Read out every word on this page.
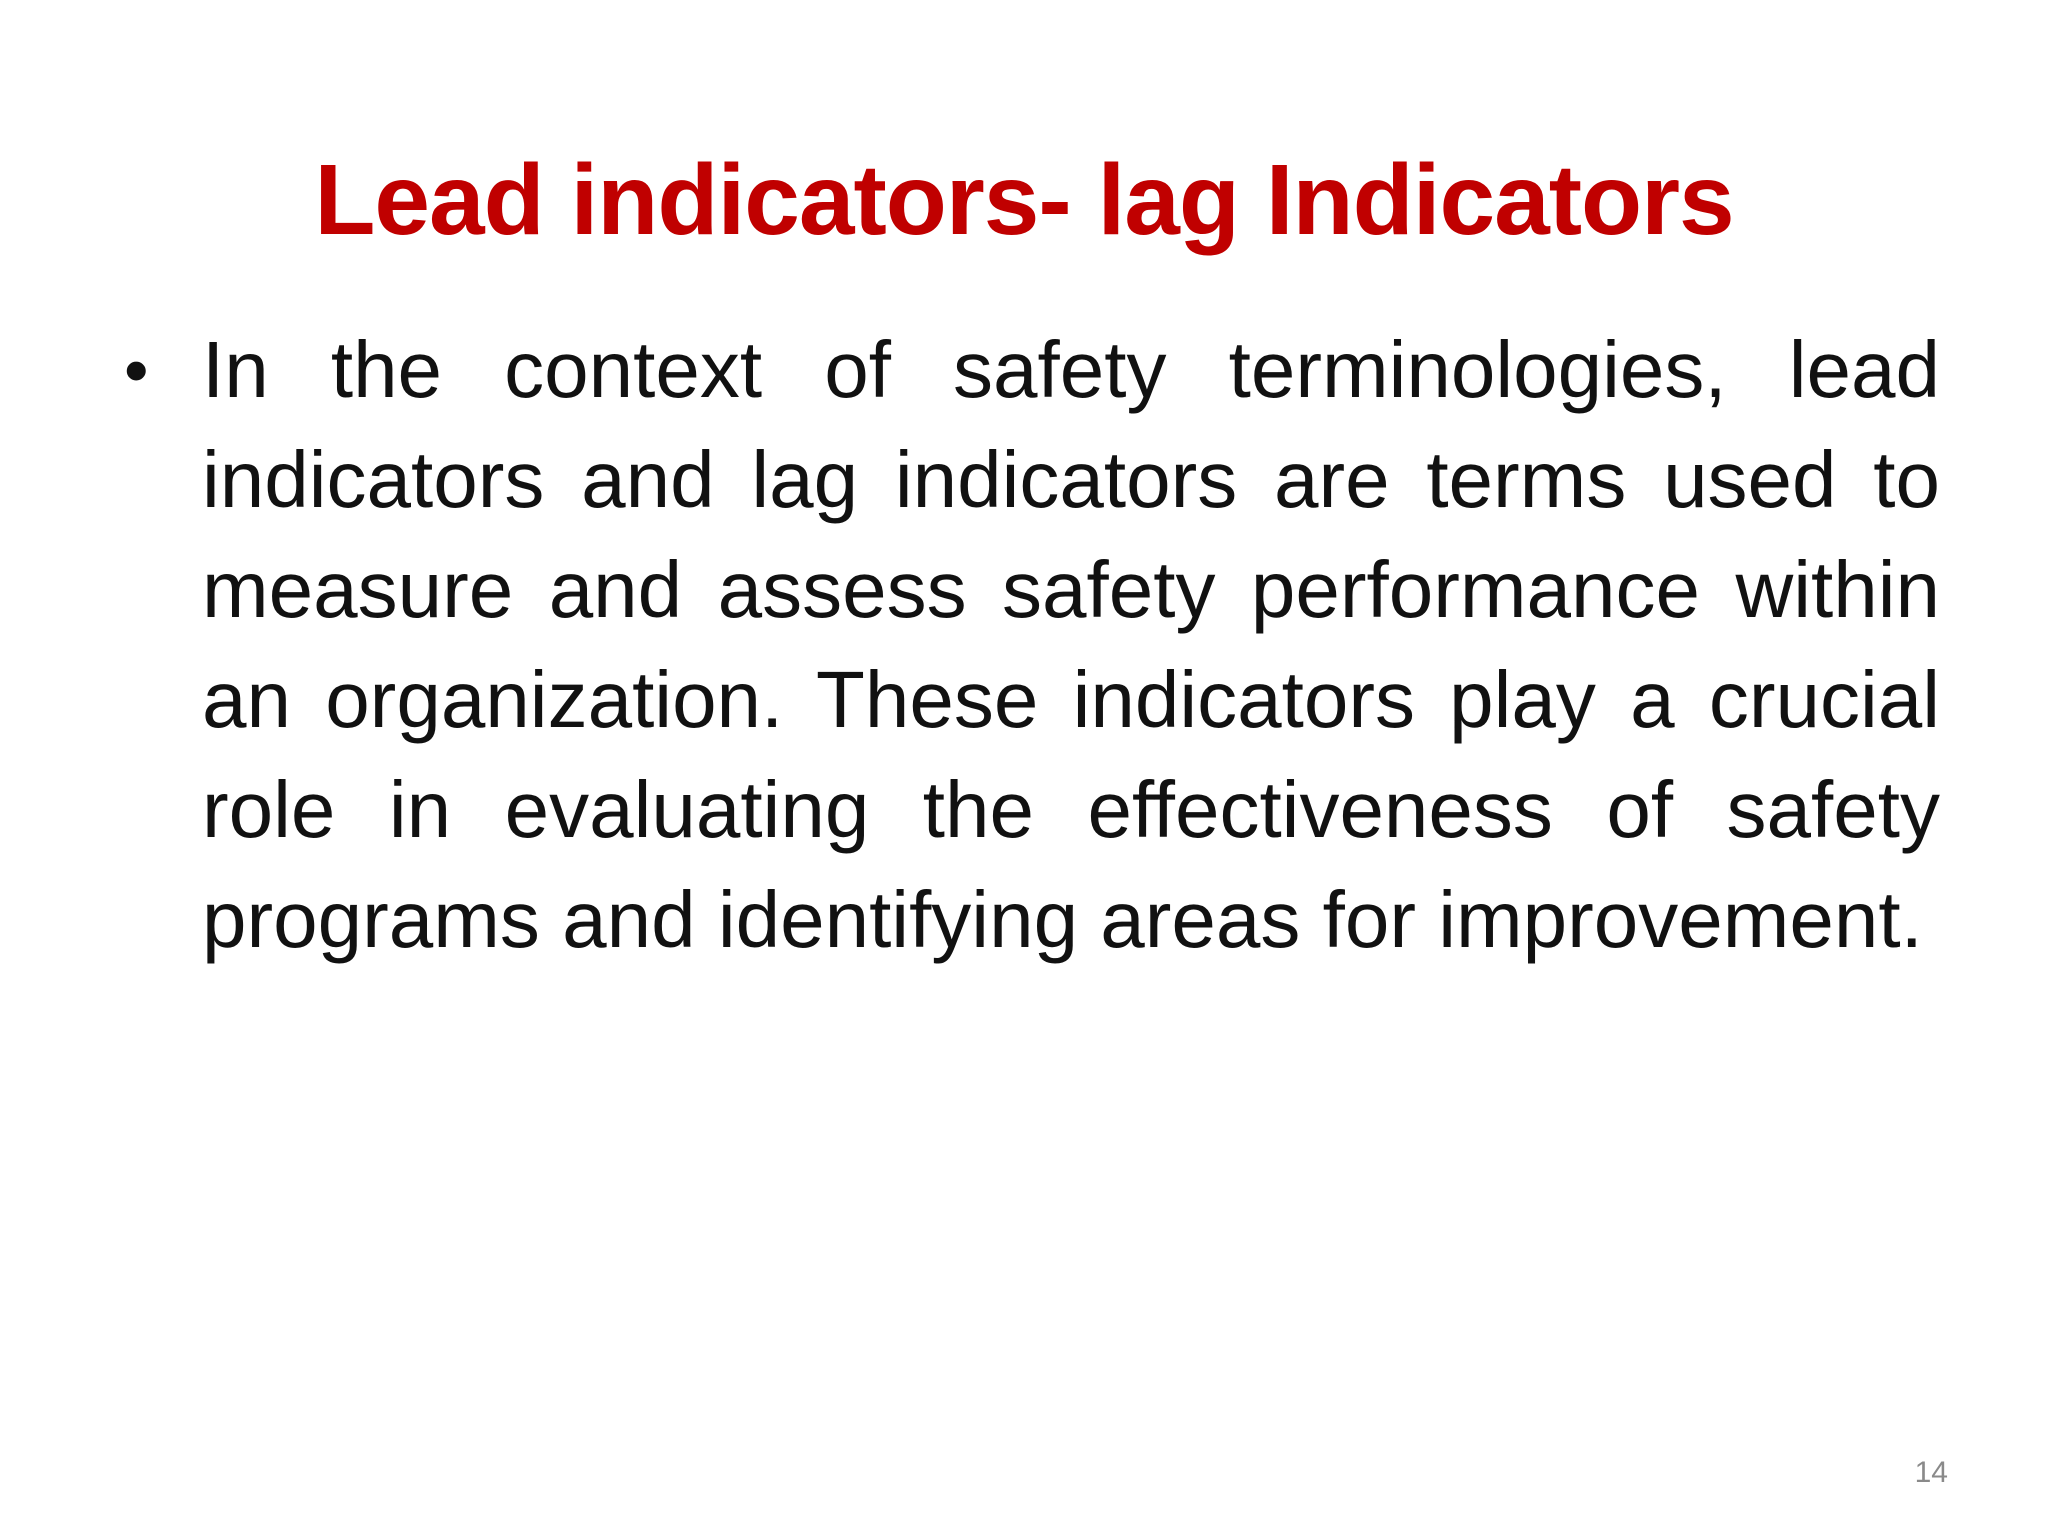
Lead indicators- lag Indicators
• In the context of safety terminologies, lead indicators and lag indicators are terms used to measure and assess safety performance within an organization. These indicators play a crucial role in evaluating the effectiveness of safety programs and identifying areas for improvement.
14
